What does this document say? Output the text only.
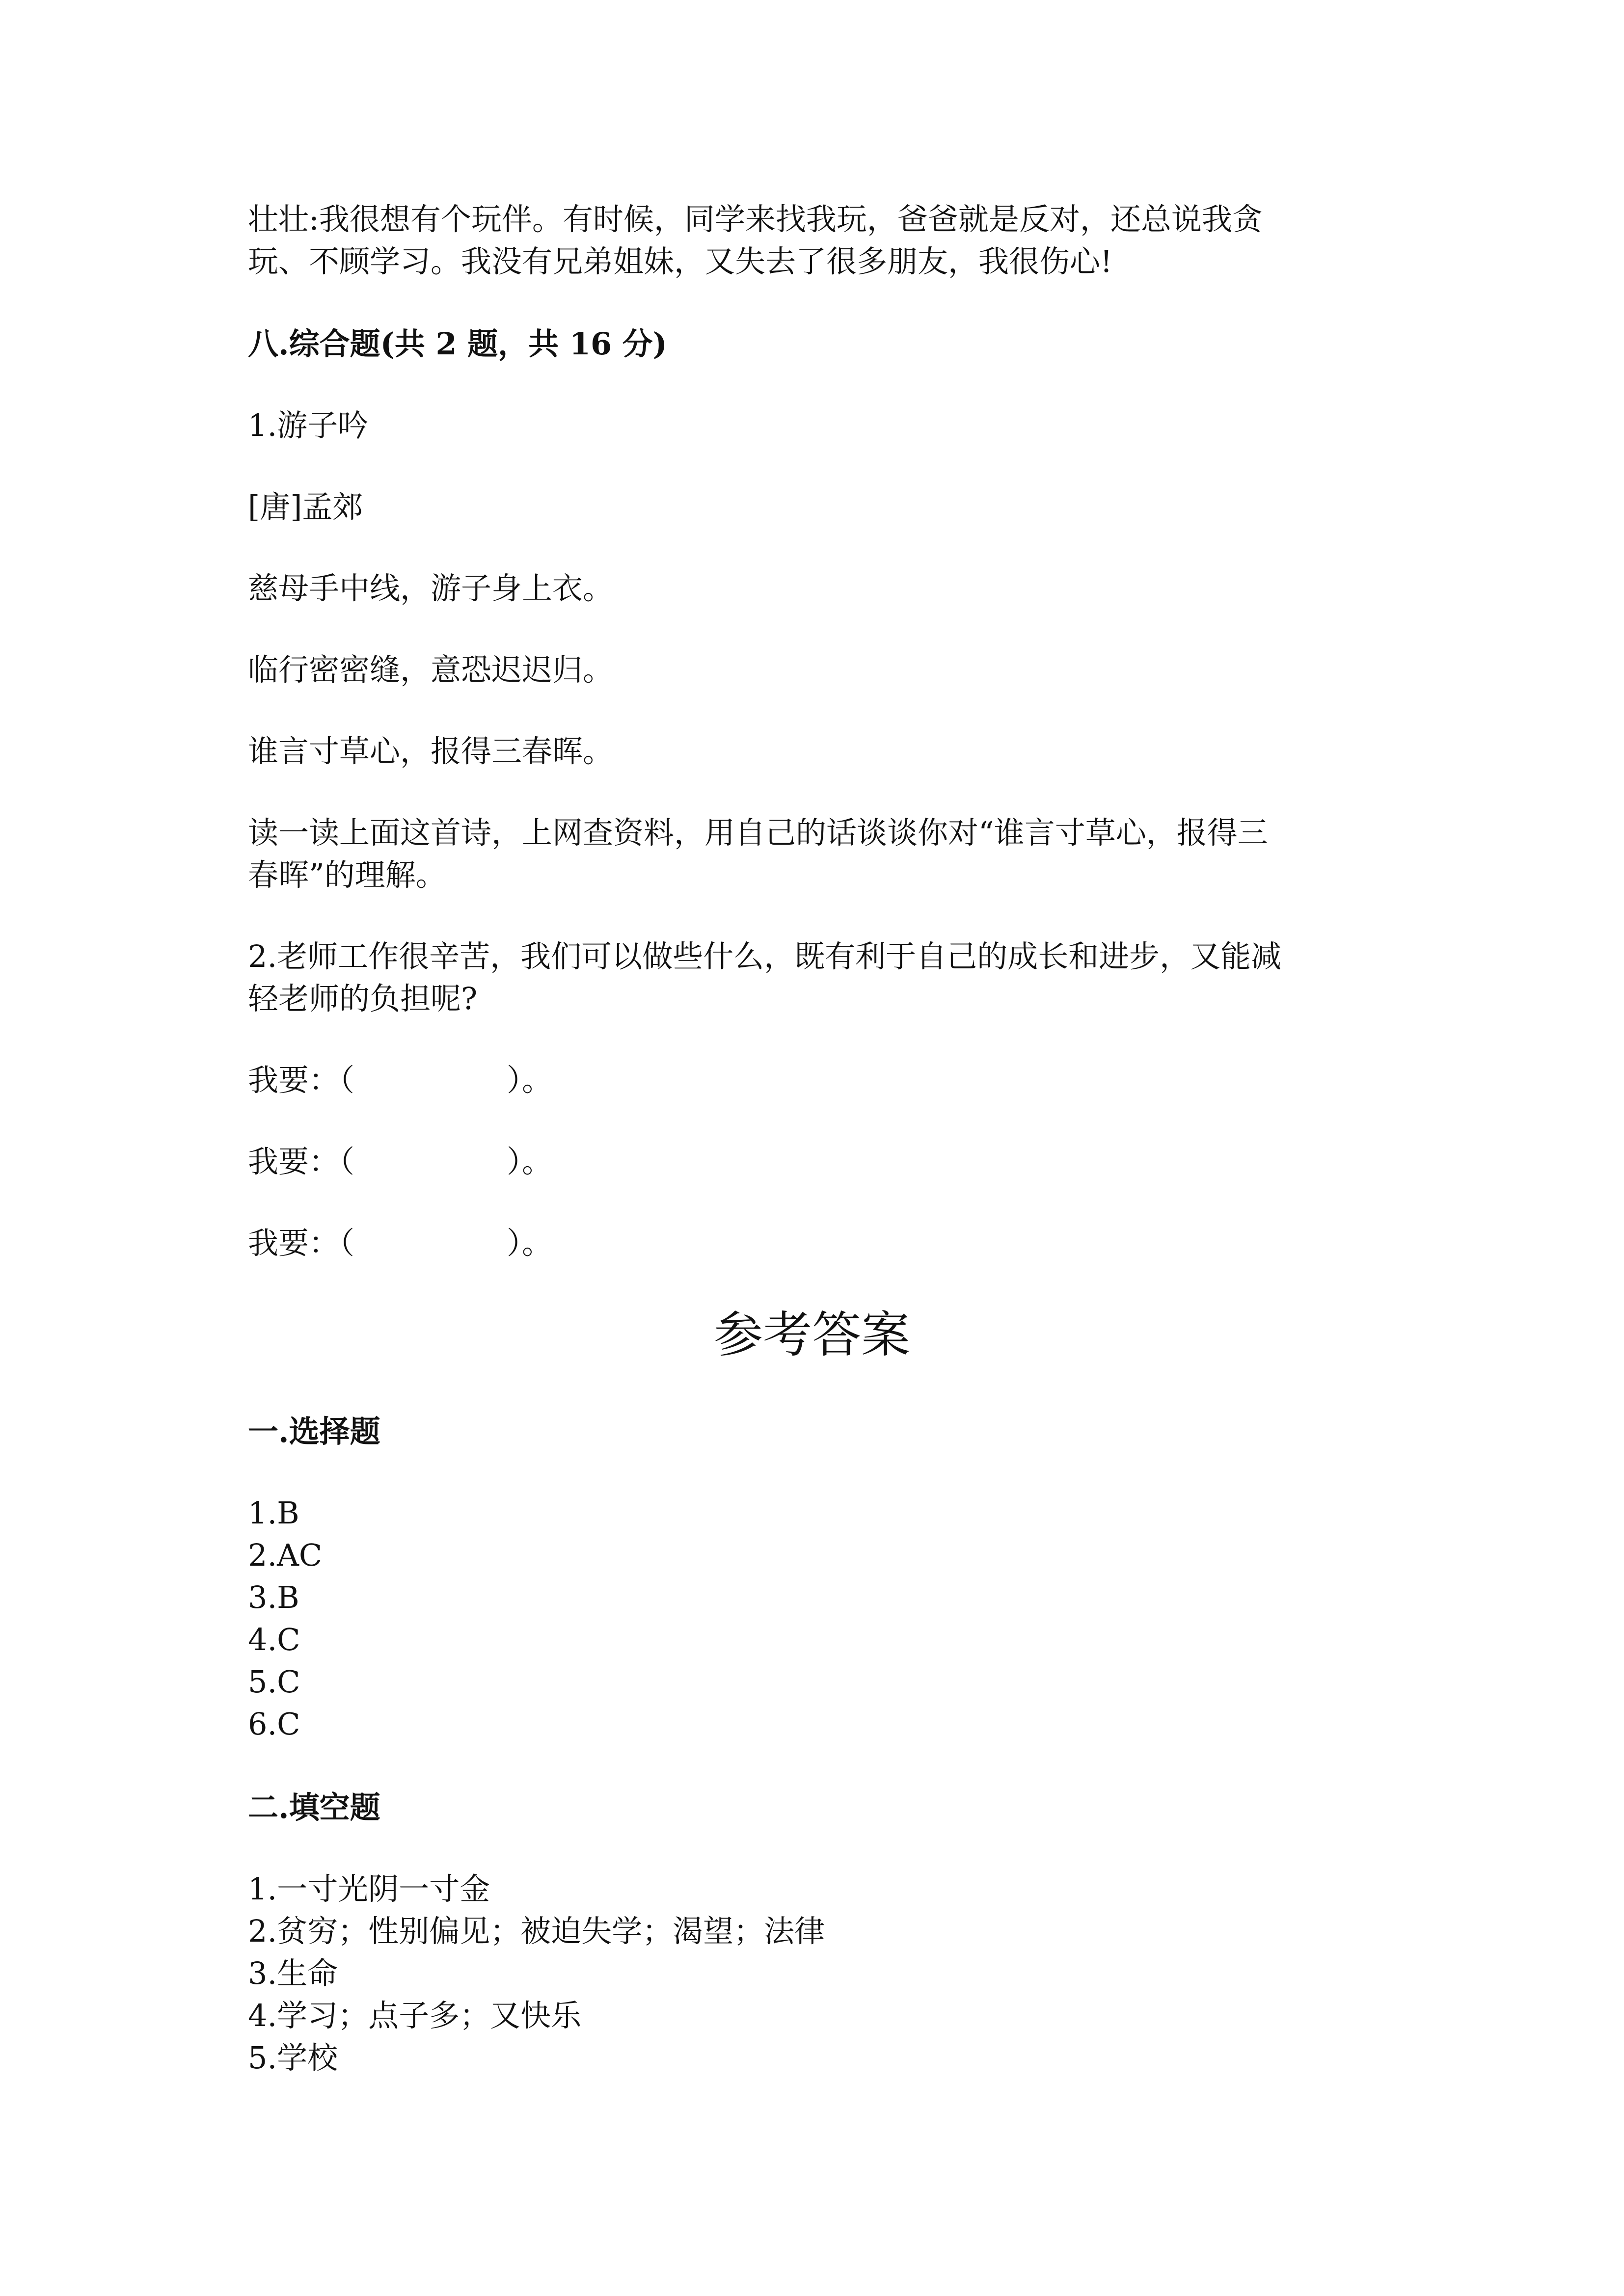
壮壮:我很想有个玩伴。有时候，同学来找我玩，爸爸就是反对，还总说我贪
玩、不顾学习。我没有兄弟姐妹，又失去了很多朋友，我很伤心!
八.综合题(共 2 题，共 16 分)
1.游子吟
[唐]孟郊
慈母手中线，游子身上衣。
临行密密缝，意恐迟迟归。
谁言寸草心，报得三春晖。
读一读上面这首诗，上网查资料，用自己的话谈谈你对“谁言寸草心，报得三
春晖”的理解。
2.老师工作很辛苦，我们可以做些什么，既有利于自己的成长和进步，又能减
轻老师的负担呢?
我要：（　　　　　）。
我要：（　　　　　）。
我要：（　　　　　）。
参考答案
一.选择题
1.B
2.AC
3.B
4.C
5.C
6.C
二.填空题
1.一寸光阴一寸金
2.贫穷；性别偏见；被迫失学；渴望；法律
3.生命
4.学习；点子多；又快乐
5.学校
